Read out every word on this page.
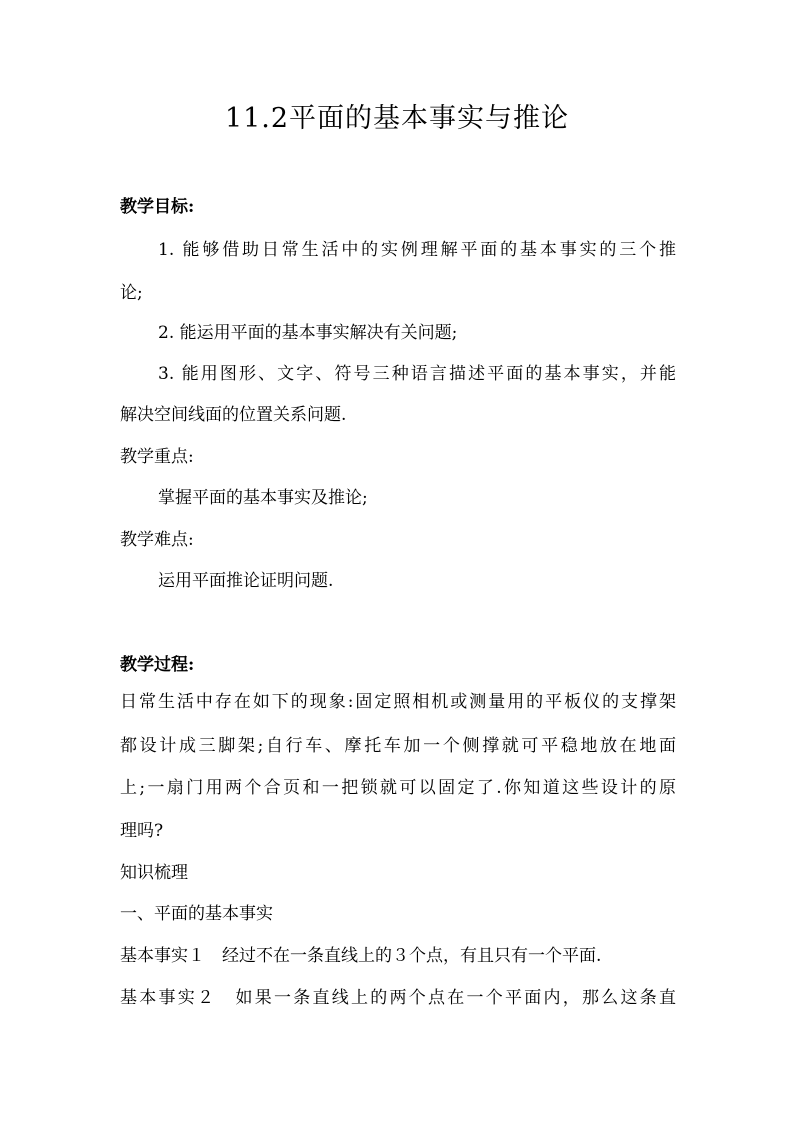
11.2平面的基本事实与推论
教学目标:
1. 能够借助日常生活中的实例理解平面的基本事实的三个推
论;
2. 能运用平面的基本事实解决有关问题;
3. 能用图形、文字、符号三种语言描述平面的基本事实，并能
解决空间线面的位置关系问题.
教学重点:
掌握平面的基本事实及推论;
教学难点:
运用平面推论证明问题.
教学过程:
日常生活中存在如下的现象:固定照相机或测量用的平板仪的支撑架
都设计成三脚架;自行车、摩托车加一个侧撑就可平稳地放在地面
上;一扇门用两个合页和一把锁就可以固定了.你知道这些设计的原
理吗?
知识梳理
一、平面的基本事实
基本事实１　经过不在一条直线上的３个点，有且只有一个平面.
基本事实２　如果一条直线上的两个点在一个平面内，那么这条直
